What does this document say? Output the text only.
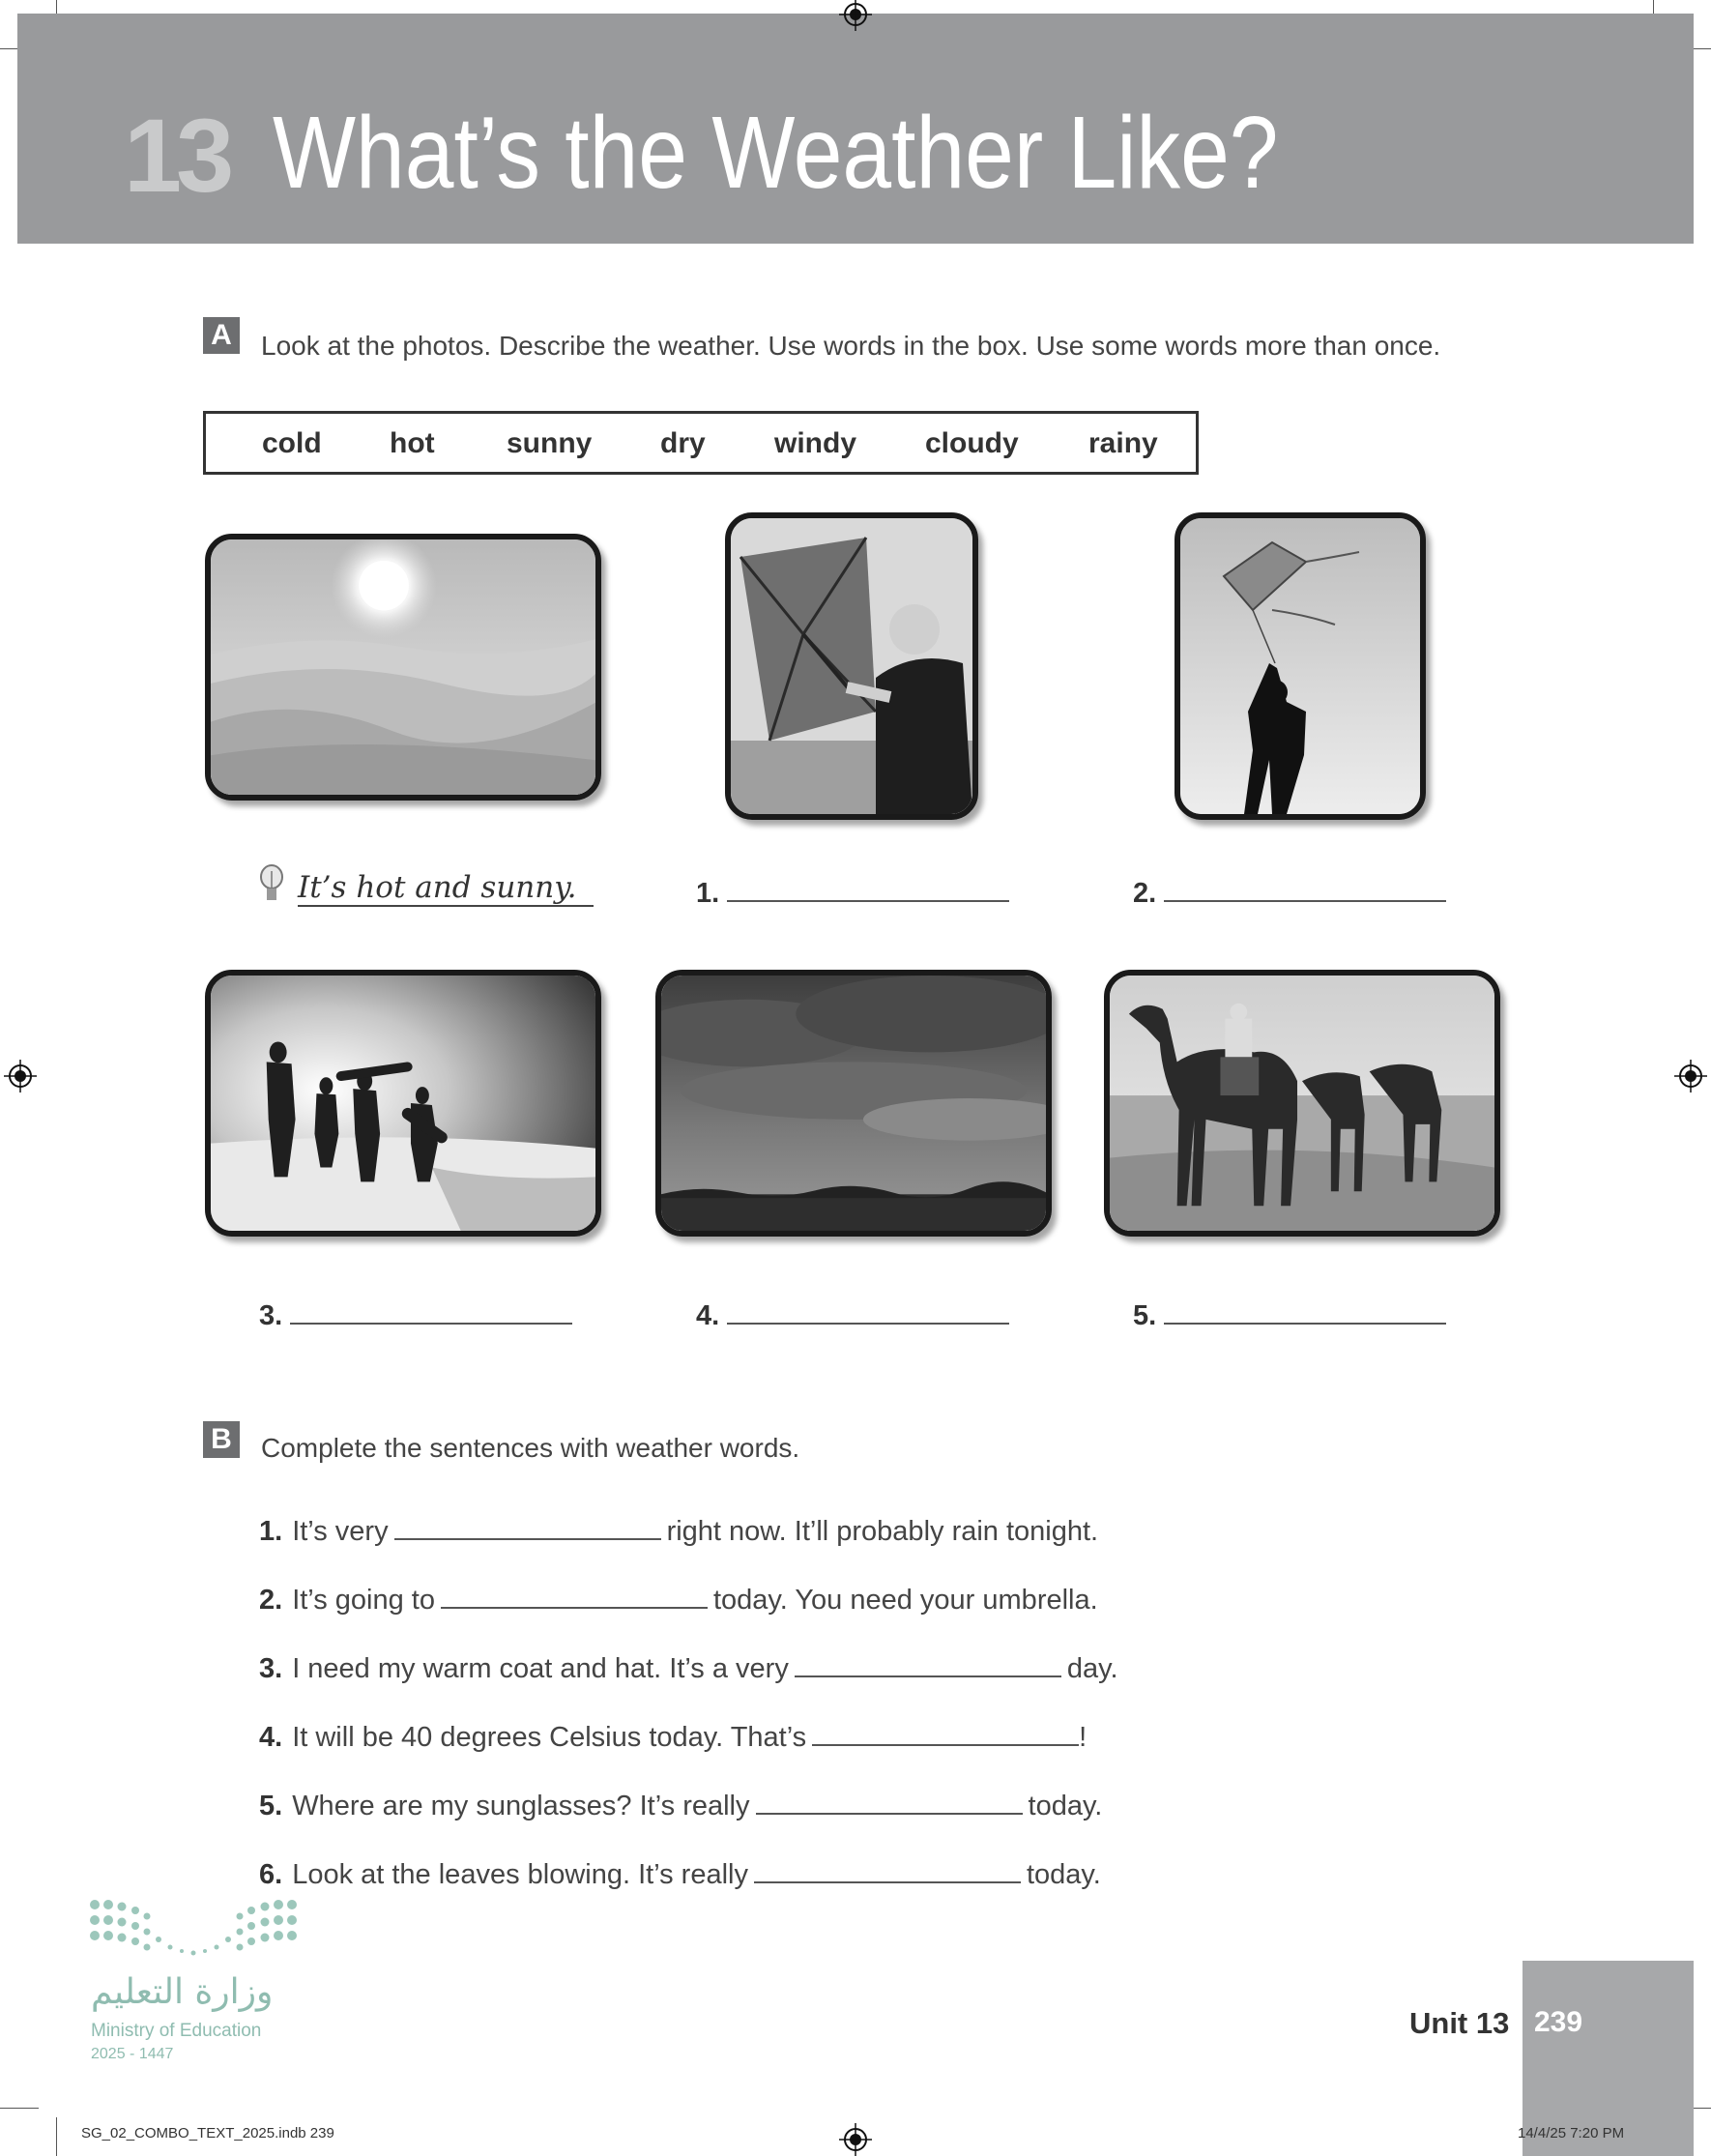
13 What’s the Weather Like?
A Look at the photos. Describe the weather. Use words in the box. Use some words more than once.
cold hot sunny dry windy cloudy rainy
It’s hot and sunny.	1.	2.
3.	4.	5.
B Complete the sentences with weather words.
1. It’s very	right now. It’ll probably rain tonight.
2. It’s going to	today. You need your umbrella.
3. I need my warm coat and hat. It’s a very	day.
4. It will be 40 degrees Celsius today. That’s	!
5. Where are my sunglasses? It’s really	today.
6. Look at the leaves blowing. It’s really	today.
وزارة التعليم
Ministry of Education
2025 - 1447
Unit 13 239
SG_02_COMBO_TEXT_2025.indb 239	14/4/25 7:20 PM
